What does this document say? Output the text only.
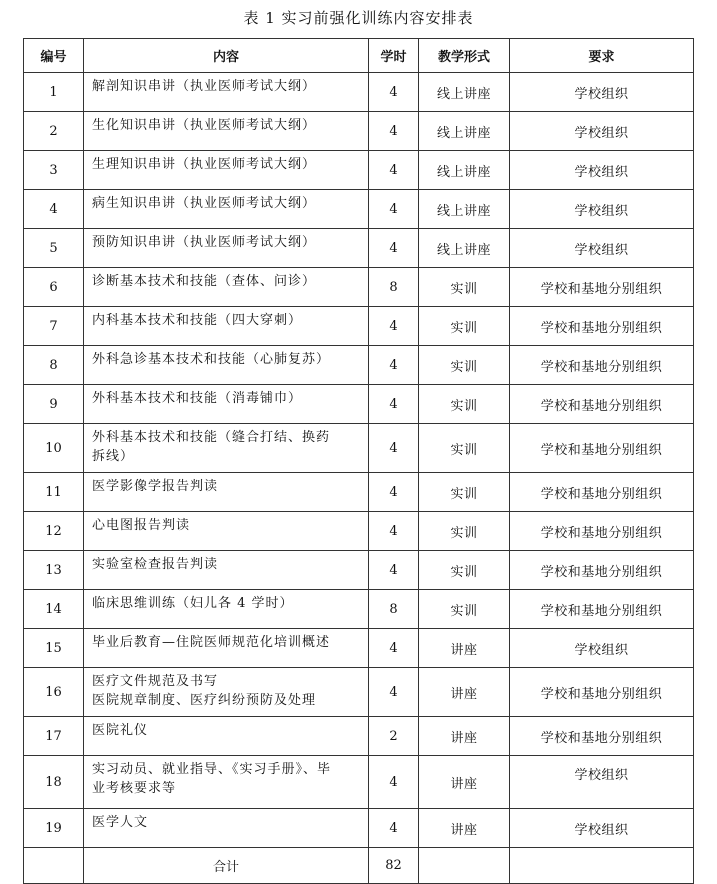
表 1 实习前强化训练内容安排表
编号	内容	学时	教学形式	要求
1	解剖知识串讲（执业医师考试大纲）	4	线上讲座	学校组织
2	生化知识串讲（执业医师考试大纲）	4	线上讲座	学校组织
3	生理知识串讲（执业医师考试大纲）	4	线上讲座	学校组织
4	病生知识串讲（执业医师考试大纲）	4	线上讲座	学校组织
5	预防知识串讲（执业医师考试大纲）	4	线上讲座	学校组织
6	诊断基本技术和技能（查体、问诊）	8	实训	学校和基地分别组织
7	内科基本技术和技能（四大穿刺）	4	实训	学校和基地分别组织
8	外科急诊基本技术和技能（心肺复苏）	4	实训	学校和基地分别组织
9	外科基本技术和技能（消毒铺巾）	4	实训	学校和基地分别组织
10	外科基本技术和技能（缝合打结、换药
拆线）	4	实训	学校和基地分别组织
11	医学影像学报告判读	4	实训	学校和基地分别组织
12	心电图报告判读	4	实训	学校和基地分别组织
13	实验室检查报告判读	4	实训	学校和基地分别组织
14	临床思维训练（妇儿各 4 学时）	8	实训	学校和基地分别组织
15	毕业后教育—住院医师规范化培训概述	4	讲座	学校组织
16	医疗文件规范及书写
医院规章制度、医疗纠纷预防及处理	4	讲座	学校和基地分别组织
17	医院礼仪	2	讲座	学校和基地分别组织
18	实习动员、就业指导、《实习手册》、毕
业考核要求等	4	讲座	学校组织
19	医学人文	4	讲座	学校组织
	合计	82		
